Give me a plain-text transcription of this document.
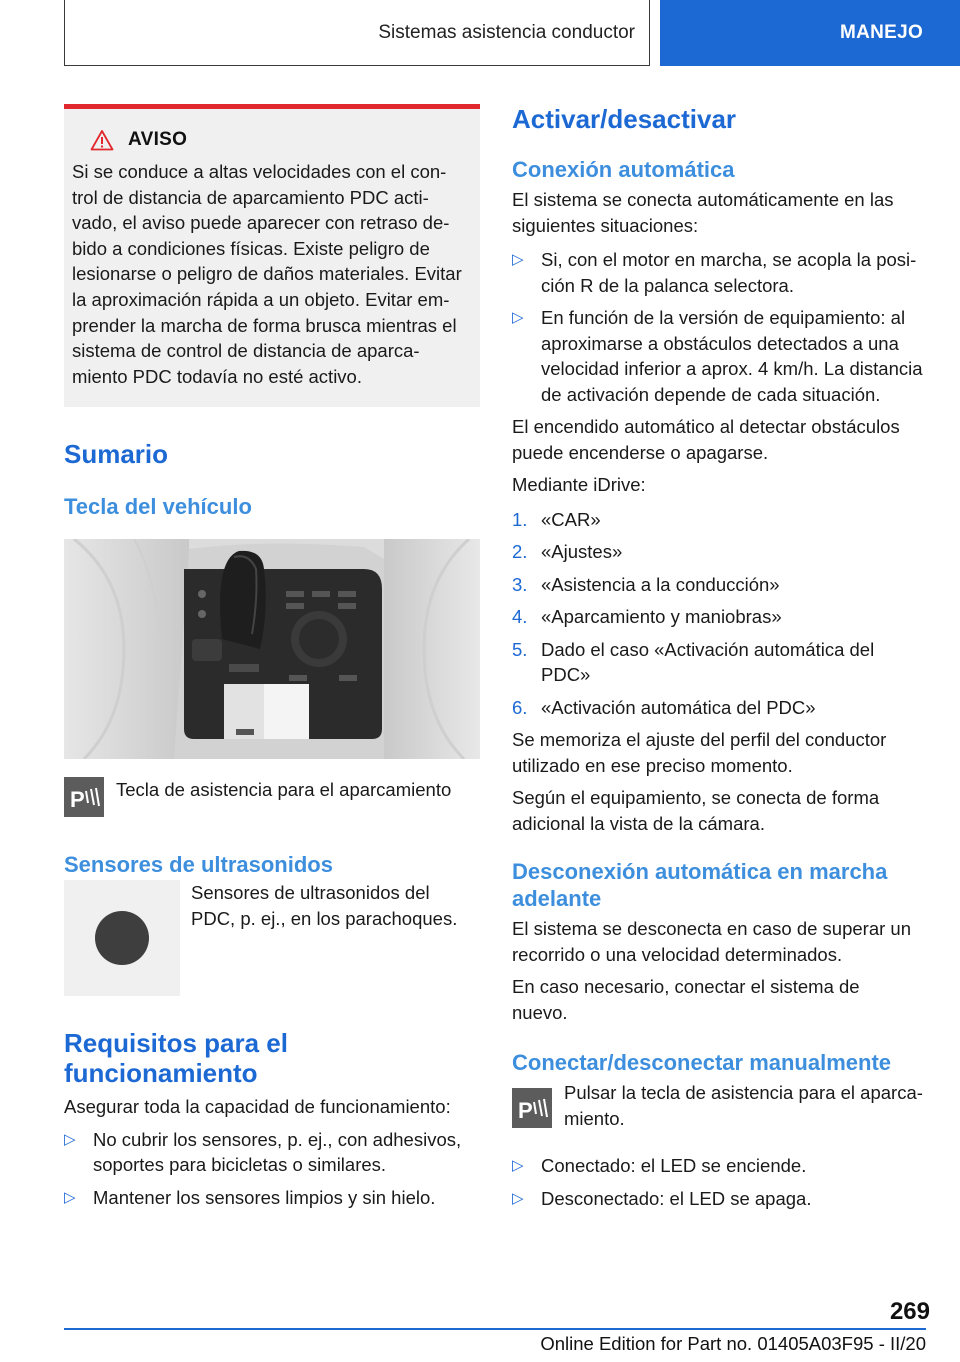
Sistemas asistencia conductor	MANEJO
AVISO
Si se conduce a altas velocidades con el con-
trol de distancia de aparcamiento PDC acti-
vado, el aviso puede aparecer con retraso de-
bido a condiciones físicas. Existe peligro de
lesionarse o peligro de daños materiales. Evitar
la aproximación rápida a un objeto. Evitar em-
prender la marcha de forma brusca mientras el
sistema de control de distancia de aparca-
miento PDC todavía no esté activo.
Sumario
Tecla del vehículo
P Tecla de asistencia para el aparcamiento

Sensores de ultrasonidos

Sensores de ultrasonidos del

PDC, p. ej., en los parachoques.

Requisitos para el
funcionamiento

Asegurar toda la capacidad de funcionamiento:

▷ No cubrir los sensores, p. ej., con adhesivos,
soportes para bicicletas o similares.
▷ Mantener los sensores limpios y sin hielo.
Activar/desactivar
Conexión automática

El sistema se conecta automáticamente en las

siguientes situaciones:

▷ Si, con el motor en marcha, se acopla la posi-
ción R de la palanca selectora.
▷ En función de la versión de equipamiento: al
aproximarse a obstáculos detectados a una
velocidad inferior a aprox. 4 km/h. La distancia
de activación depende de cada situación.

El encendido automático al detectar obstáculos

puede encenderse o apagarse.

Mediante iDrive:

1. «CAR»
2. «Ajustes»
3. «Asistencia a la conducción»
4. «Aparcamiento y maniobras»
5. Dado el caso «Activación automática del
PDC»
6. «Activación automática del PDC»

Se memoriza el ajuste del perfil del conductor

utilizado en ese preciso momento.

Según el equipamiento, se conecta de forma

adicional la vista de la cámara.

Desconexión automática en marcha
adelante

El sistema se desconecta en caso de superar un

recorrido o una velocidad determinados.

En caso necesario, conectar el sistema de

nuevo.

Conectar/desconectar manualmente
P

Pulsar la tecla de asistencia para el aparca-

miento.

▷ Conectado: el LED se enciende.
▷ Desconectado: el LED se apaga.
269
Online Edition for Part no. 01405A03F95 - II/20
